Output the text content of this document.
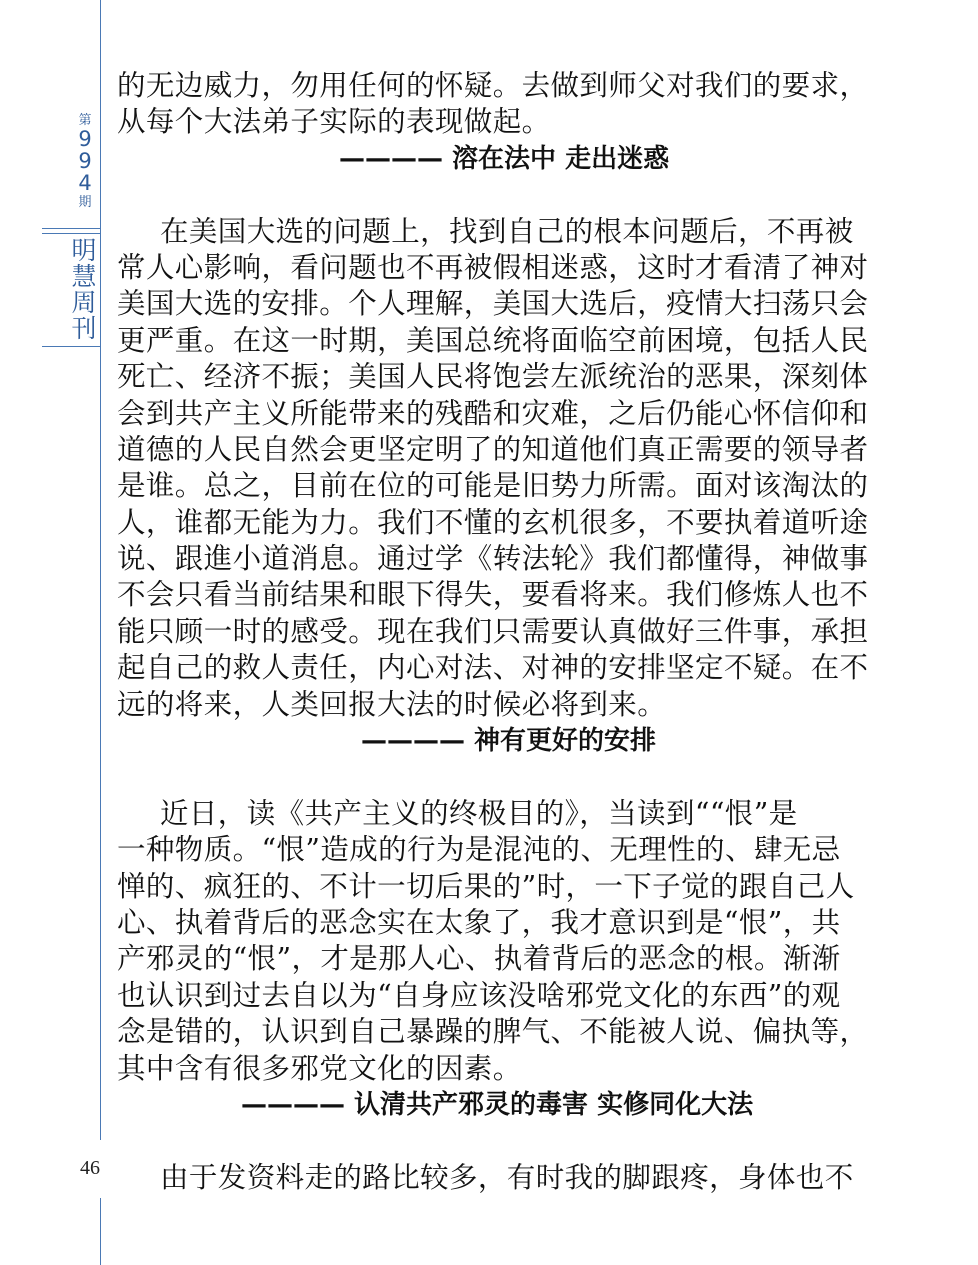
第
9
9
4
期
明
慧
周
刊
46
的无边威力，勿用任何的怀疑。去做到师父对我们的要求，
从每个大法弟子实际的表现做起。
———— 溶在法中 走出迷惑
在美国大选的问题上，找到自己的根本问题后，不再被
常人心影响，看问题也不再被假相迷惑，这时才看清了神对
美国大选的安排。个人理解，美国大选后，疫情大扫荡只会
更严重。在这一时期，美国总统将面临空前困境，包括人民
死亡、经济不振；美国人民将饱尝左派统治的恶果，深刻体
会到共产主义所能带来的残酷和灾难，之后仍能心怀信仰和
道德的人民自然会更坚定明了的知道他们真正需要的领导者
是谁。总之，目前在位的可能是旧势力所需。面对该淘汰的
人，谁都无能为力。我们不懂的玄机很多，不要执着道听途
说、跟進小道消息。通过学《转法轮》我们都懂得，神做事
不会只看当前结果和眼下得失，要看将来。我们修炼人也不
能只顾一时的感受。现在我们只需要认真做好三件事，承担
起自己的救人责任，内心对法、对神的安排坚定不疑。在不
远的将来，人类回报大法的时候必将到来。
———— 神有更好的安排
近日，读《共产主义的终极目的》，当读到““恨”是
一种物质。“恨”造成的行为是混沌的、无理性的、肆无忌
惮的、疯狂的、不计一切后果的”时，一下子觉的跟自己人
心、执着背后的恶念实在太象了，我才意识到是“恨”，共
产邪灵的“恨”，才是那人心、执着背后的恶念的根。渐渐
也认识到过去自以为“自身应该没啥邪党文化的东西”的观
念是错的，认识到自己暴躁的脾气、不能被人说、偏执等，
其中含有很多邪党文化的因素。
———— 认清共产邪灵的毒害 实修同化大法
由于发资料走的路比较多，有时我的脚跟疼，身体也不
